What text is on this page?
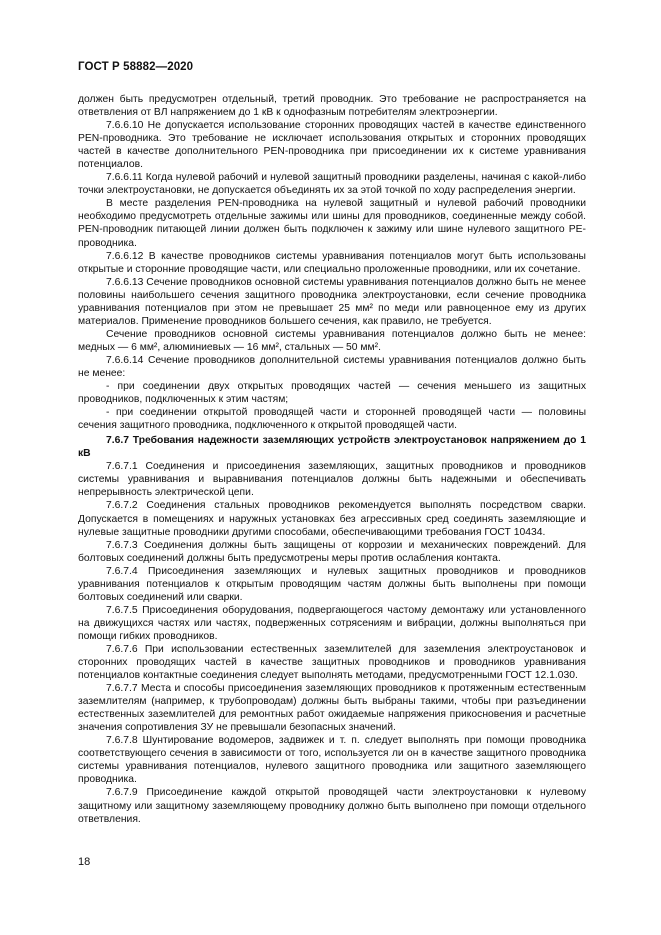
ГОСТ Р 58882—2020

должен быть предусмотрен отдельный, третий проводник. Это требование не распространяется на ответвления от ВЛ напряжением до 1 кВ к однофазным потребителям электроэнергии.

7.6.6.10 Не допускается использование сторонних проводящих частей в качестве единственного PEN-проводника. Это требование не исключает использования открытых и сторонних проводящих частей в качестве дополнительного PEN-проводника при присоединении их к системе уравнивания потенциалов.

7.6.6.11 Когда нулевой рабочий и нулевой защитный проводники разделены, начиная с какой-либо точки электроустановки, не допускается объединять их за этой точкой по ходу распределения энергии.

В месте разделения PEN-проводника на нулевой защитный и нулевой рабочий проводники необходимо предусмотреть отдельные зажимы или шины для проводников, соединенные между собой. PEN-проводник питающей линии должен быть подключен к зажиму или шине нулевого защитного PE-проводника.

7.6.6.12 В качестве проводников системы уравнивания потенциалов могут быть использованы открытые и сторонние проводящие части, или специально проложенные проводники, или их сочетание.

7.6.6.13 Сечение проводников основной системы уравнивания потенциалов должно быть не менее половины наибольшего сечения защитного проводника электроустановки, если сечение проводника уравнивания потенциалов при этом не превышает 25 мм² по меди или равноценное ему из других материалов. Применение проводников большего сечения, как правило, не требуется.

Сечение проводников основной системы уравнивания потенциалов должно быть не менее: медных — 6 мм², алюминиевых — 16 мм², стальных — 50 мм².

7.6.6.14 Сечение проводников дополнительной системы уравнивания потенциалов должно быть не менее:

- при соединении двух открытых проводящих частей — сечения меньшего из защитных проводников, подключенных к этим частям;

- при соединении открытой проводящей части и сторонней проводящей части — половины сечения защитного проводника, подключенного к открытой проводящей части.

7.6.7 Требования надежности заземляющих устройств электроустановок напряжением до 1 кВ

7.6.7.1 Соединения и присоединения заземляющих, защитных проводников и проводников системы уравнивания и выравнивания потенциалов должны быть надежными и обеспечивать непрерывность электрической цепи.

7.6.7.2 Соединения стальных проводников рекомендуется выполнять посредством сварки. Допускается в помещениях и наружных установках без агрессивных сред соединять заземляющие и нулевые защитные проводники другими способами, обеспечивающими требования ГОСТ 10434.

7.6.7.3 Соединения должны быть защищены от коррозии и механических повреждений. Для болтовых соединений должны быть предусмотрены меры против ослабления контакта.

7.6.7.4 Присоединения заземляющих и нулевых защитных проводников и проводников уравнивания потенциалов к открытым проводящим частям должны быть выполнены при помощи болтовых соединений или сварки.

7.6.7.5 Присоединения оборудования, подвергающегося частому демонтажу или установленного на движущихся частях или частях, подверженных сотрясениям и вибрации, должны выполняться при помощи гибких проводников.

7.6.7.6 При использовании естественных заземлителей для заземления электроустановок и сторонних проводящих частей в качестве защитных проводников и проводников уравнивания потенциалов контактные соединения следует выполнять методами, предусмотренными ГОСТ 12.1.030.

7.6.7.7 Места и способы присоединения заземляющих проводников к протяженным естественным заземлителям (например, к трубопроводам) должны быть выбраны такими, чтобы при разъединении естественных заземлителей для ремонтных работ ожидаемые напряжения прикосновения и расчетные значения сопротивления ЗУ не превышали безопасных значений.

7.6.7.8 Шунтирование водомеров, задвижек и т. п. следует выполнять при помощи проводника соответствующего сечения в зависимости от того, используется ли он в качестве защитного проводника системы уравнивания потенциалов, нулевого защитного проводника или защитного заземляющего проводника.

7.6.7.9 Присоединение каждой открытой проводящей части электроустановки к нулевому защитному или защитному заземляющему проводнику должно быть выполнено при помощи отдельного ответвления.

18
